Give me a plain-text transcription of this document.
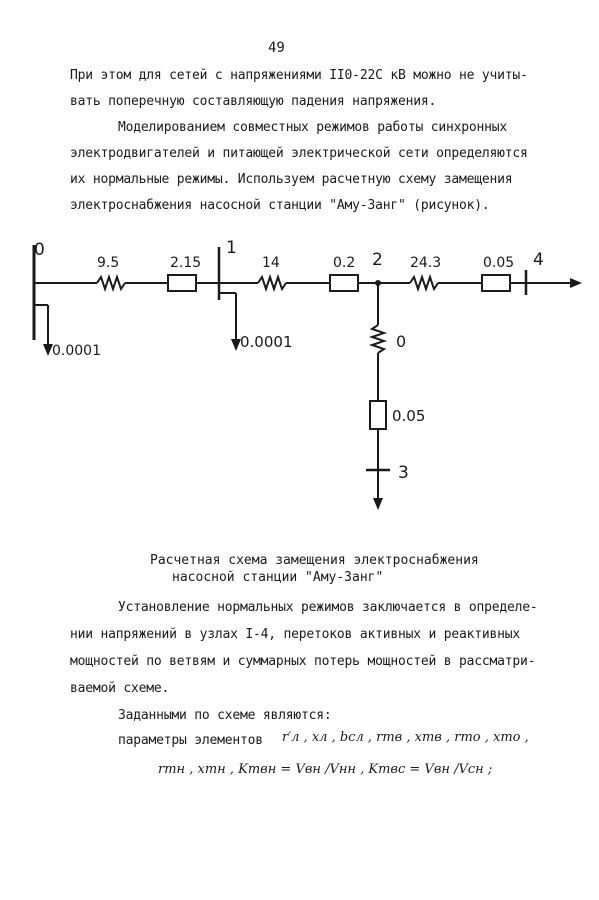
49
При этом для сетей с напряжениями II0-22C кВ можно не учиты-
вать поперечную составляющую падения напряжения.
Моделированием совместных режимов работы синхронных
электродвигателей и питающей электрической сети определяются
их нормальные режимы. Используем расчетную схему замещения
электроснабжения насосной станции "Аму-Занг" (рисунок).
0	1
2
3
4
9.5	2.15	14	0.2	24.3	0.05
0
0.05
0.0001
0.0001
Расчетная схема замещения электроснабжения
насосной станции "Аму-Занг"
Установление нормальных режимов заключается в определе-
нии напряжений в узлах I-4, перетоков активных и реактивных
мощностей по ветвям и суммарных потерь мощностей в рассматри-
ваемой схеме.
Заданными по схеме являются:
параметры элементов r′л , xл , bсл , rтв , xтв , rто , xто ,
rтн , xтн , Kтвн = Vвн /Vнн , Kтвс = Vвн /Vсн ;
